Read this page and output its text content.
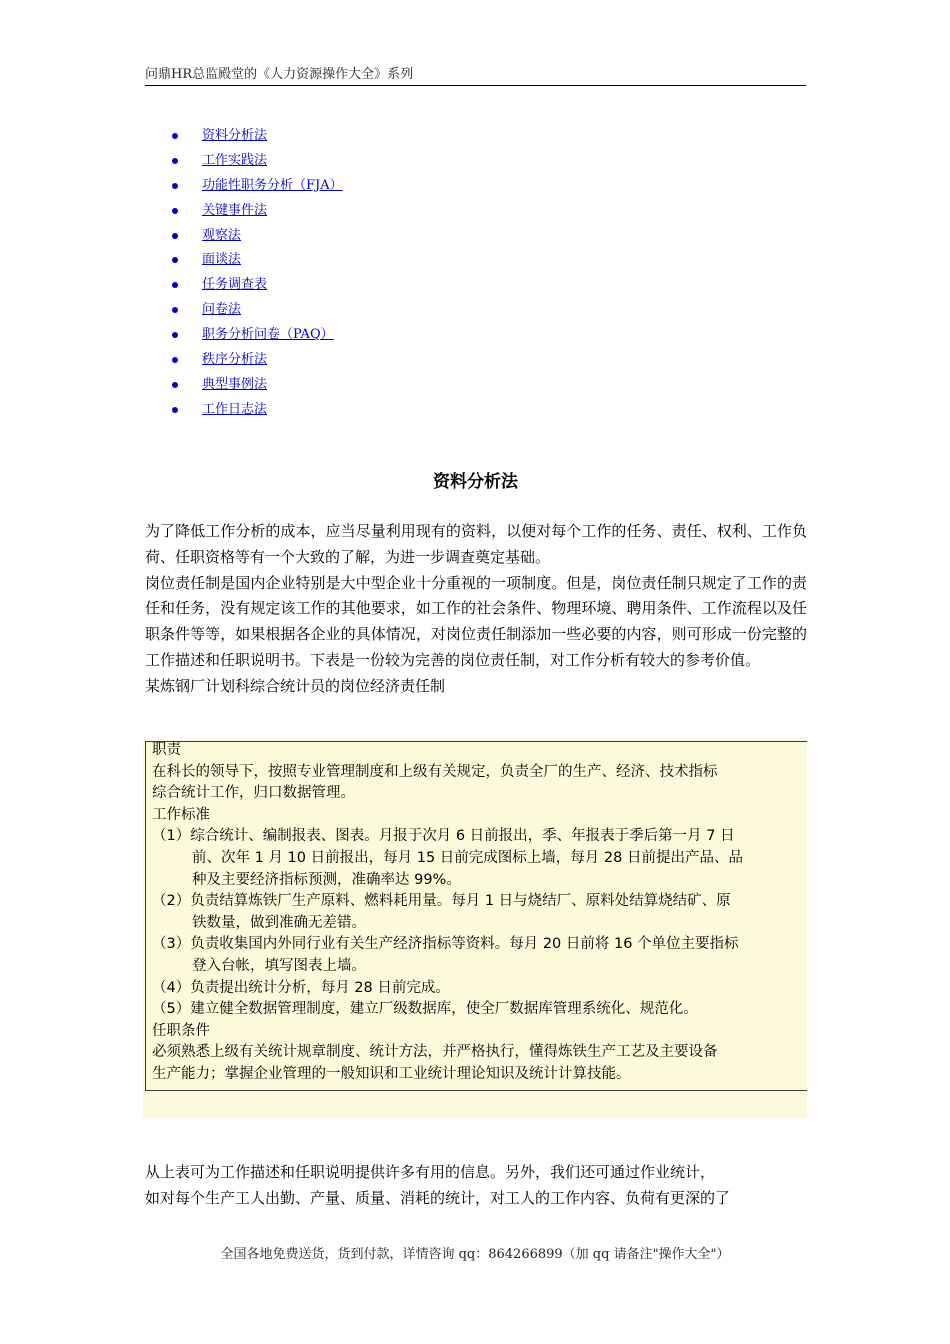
问鼎HR总监殿堂的《人力资源操作大全》系列
资料分析法
工作实践法
功能性职务分析（FJA）
关键事件法
观察法
面谈法
任务调查表
问卷法
职务分析问卷（PAQ）
秩序分析法
典型事例法
工作日志法
资料分析法

为了降低工作分析的成本，应当尽量利用现有的资料，以便对每个工作的任务、责任、权利、工作负荷、任职资格等有一个大致的了解，为进一步调查奠定基础。

岗位责任制是国内企业特别是大中型企业十分重视的一项制度。但是，岗位责任制只规定了工作的责任和任务，没有规定该工作的其他要求，如工作的社会条件、物理环境、聘用条件、工作流程以及任职条件等等，如果根据各企业的具体情况，对岗位责任制添加一些必要的内容，则可形成一份完整的工作描述和任职说明书。下表是一份较为完善的岗位责任制，对工作分析有较大的参考价值。

某炼钢厂计划科综合统计员的岗位经济责任制

职责
在科长的领导下，按照专业管理制度和上级有关规定，负责全厂的生产、经济、技术指标
综合统计工作，归口数据管理。
工作标准
（1）综合统计、编制报表、图表。月报于次月 6 日前报出，季、年报表于季后第一月 7 日
前、次年 1 月 10 日前报出，每月 15 日前完成图标上墙，每月 28 日前提出产品、品
种及主要经济指标预测，准确率达 99%。
（2）负责结算炼铁厂生产原料、燃料耗用量。每月 1 日与烧结厂、原料处结算烧结矿、原
铁数量，做到准确无差错。
（3）负责收集国内外同行业有关生产经济指标等资料。每月 20 日前将 16 个单位主要指标
登入台帐，填写图表上墙。
（4）负责提出统计分析，每月 28 日前完成。
（5）建立健全数据管理制度，建立厂级数据库，使全厂数据库管理系统化、规范化。
任职条件
必须熟悉上级有关统计规章制度、统计方法，并严格执行，懂得炼铁生产工艺及主要设备
生产能力；掌握企业管理的一般知识和工业统计理论知识及统计计算技能。

从上表可为工作描述和任职说明提供许多有用的信息。另外，我们还可通过作业统计，

如对每个生产工人出勤、产量、质量、消耗的统计，对工人的工作内容、负荷有更深的了

全国各地免费送货，货到付款，详情咨询 qq：864266899（加 qq 请备注"操作大全"）
